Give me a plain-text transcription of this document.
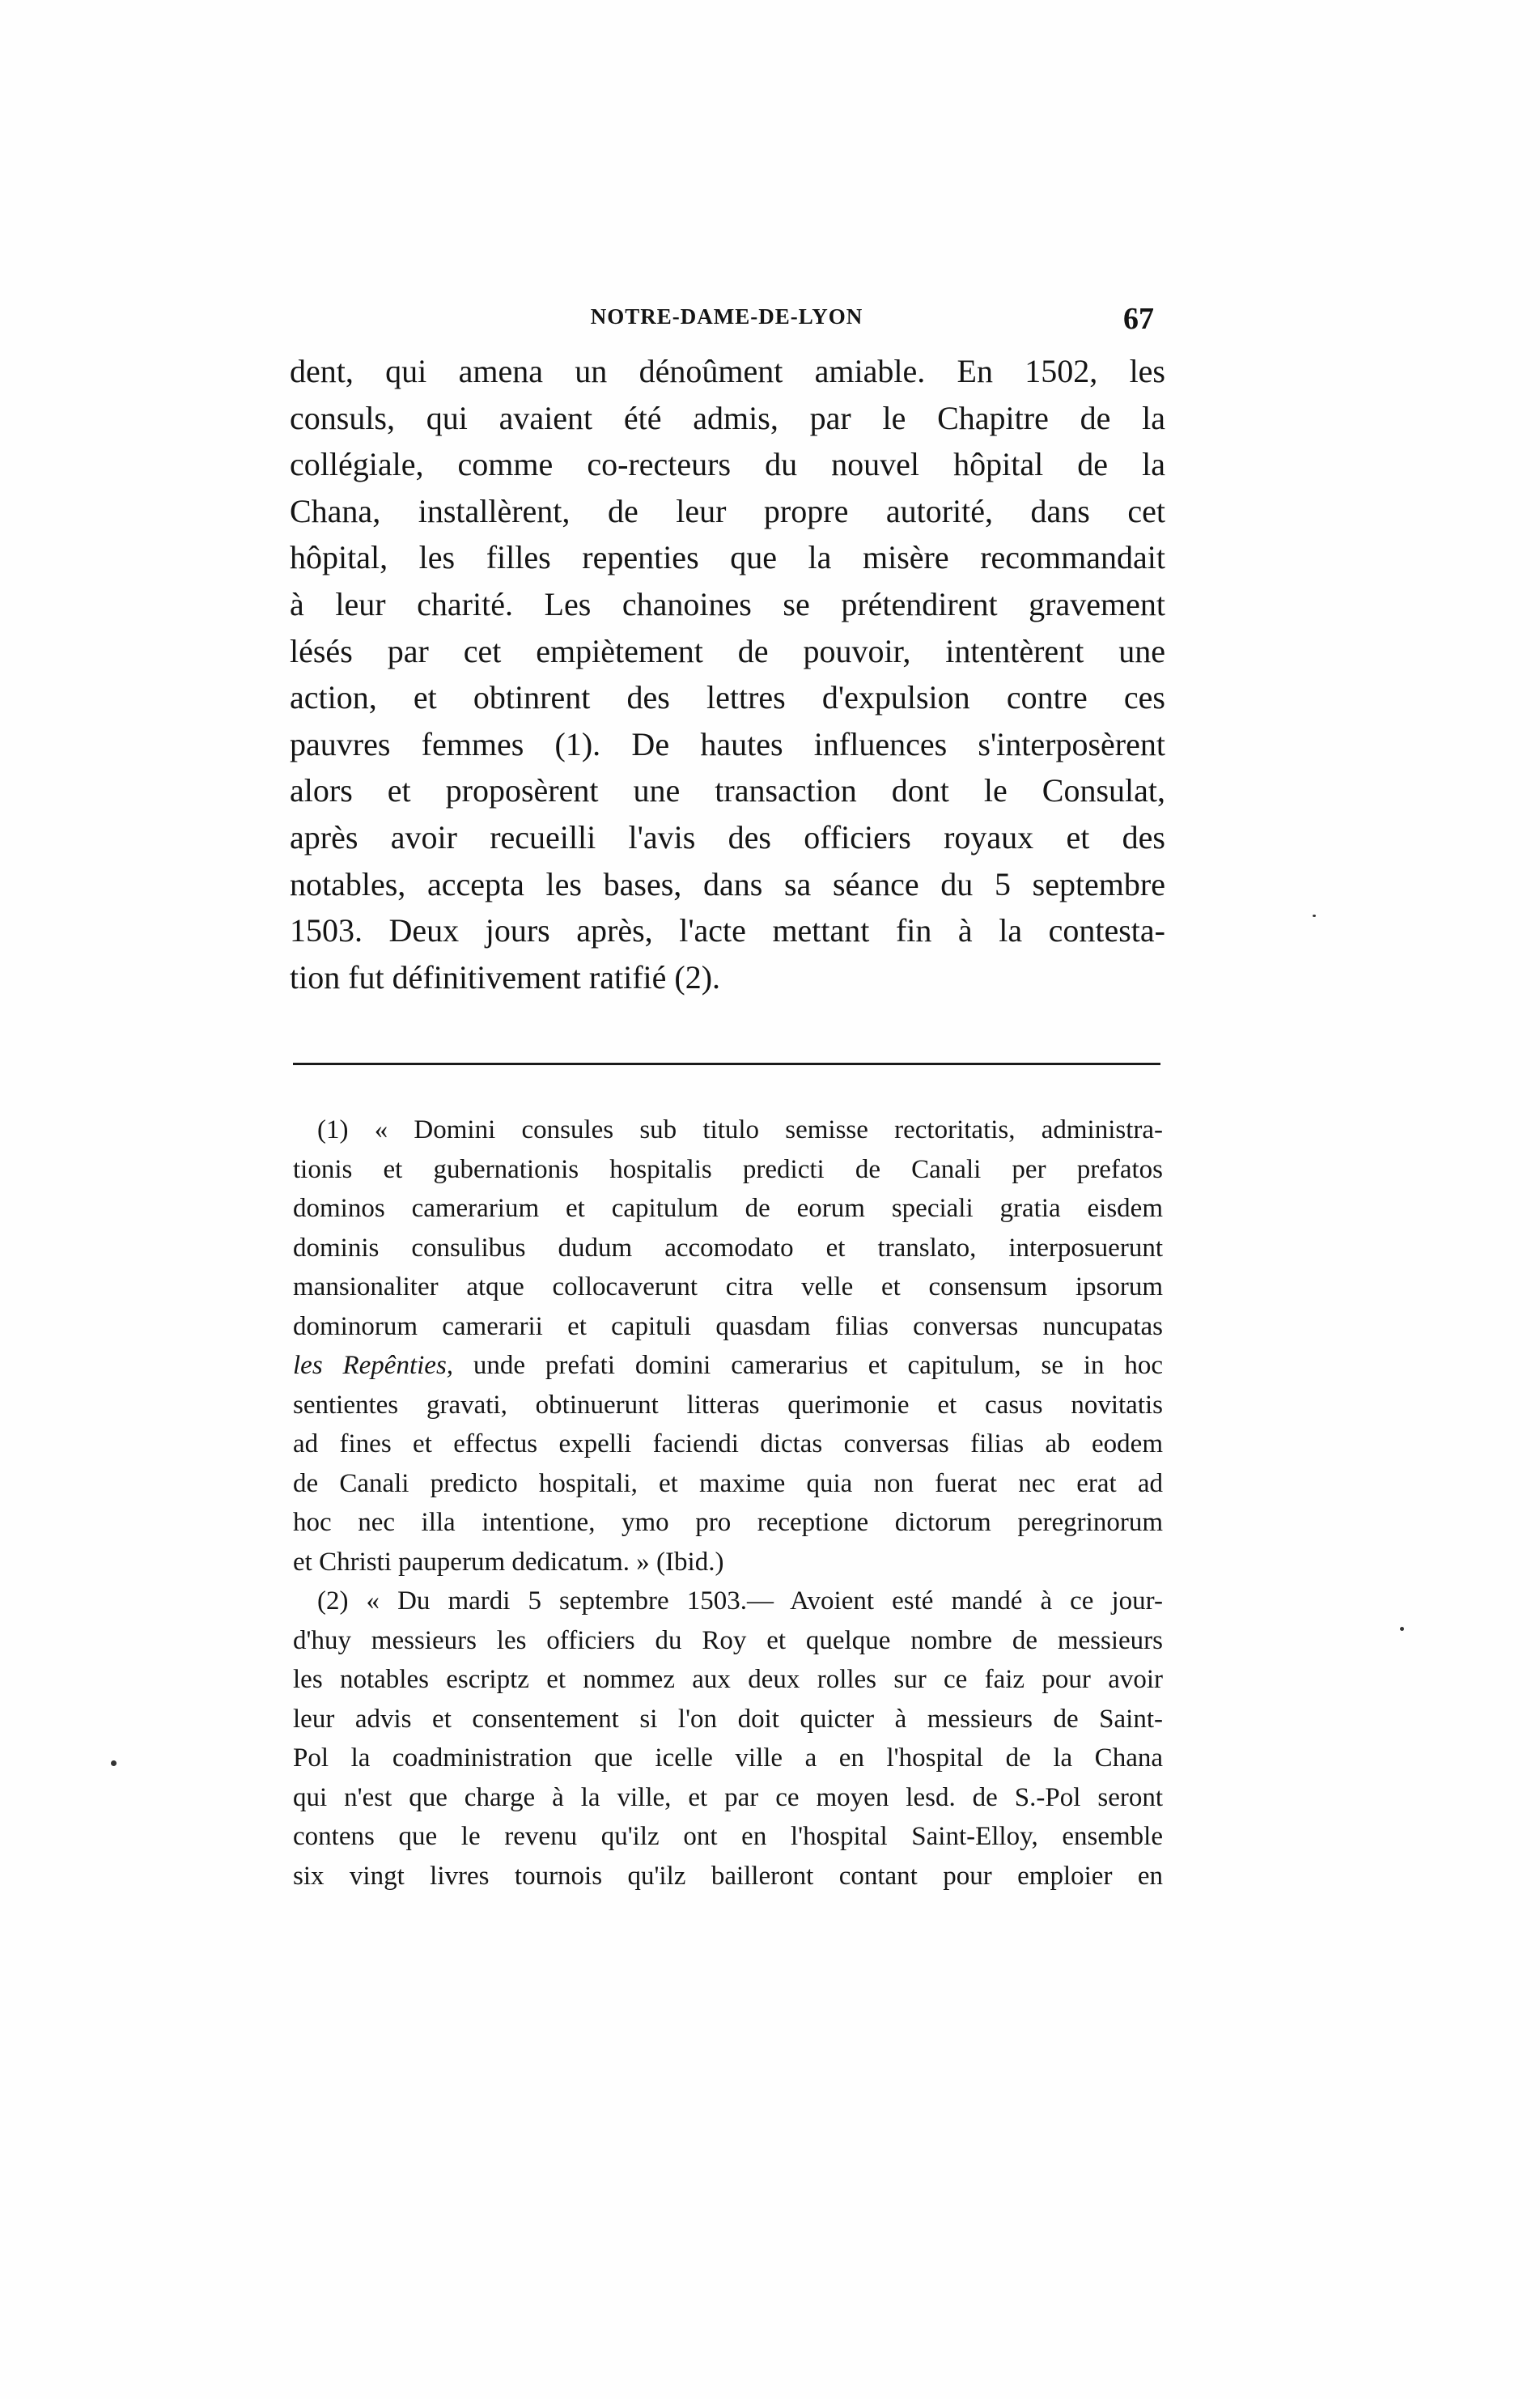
NOTRE-DAME-DE-LYON	67
dent, qui amena un dénoûment amiable. En 1502, les
consuls, qui avaient été admis, par le Chapitre de la
collégiale, comme co-recteurs du nouvel hôpital de la
Chana, installèrent, de leur propre autorité, dans cet
hôpital, les filles repenties que la misère recommandait
à leur charité. Les chanoines se prétendirent gravement
lésés par cet empiètement de pouvoir, intentèrent une
action, et obtinrent des lettres d'expulsion contre ces
pauvres femmes (1). De hautes influences s'interposèrent
alors et proposèrent une transaction dont le Consulat,
après avoir recueilli l'avis des officiers royaux et des
notables, accepta les bases, dans sa séance du 5 septembre
1503. Deux jours après, l'acte mettant fin à la contesta-
tion fut définitivement ratifié (2).
(1) « Domini consules sub titulo semisse rectoritatis, administra-
tionis et gubernationis hospitalis predicti de Canali per prefatos
dominos camerarium et capitulum de eorum speciali gratia eisdem
dominis consulibus dudum accomodato et translato, interposuerunt
mansionaliter atque collocaverunt citra velle et consensum ipsorum
dominorum camerarii et capituli quasdam filias conversas nuncupatas
les Repênties, unde prefati domini camerarius et capitulum, se in hoc
sentientes gravati, obtinuerunt litteras querimonie et casus novitatis
ad fines et effectus expelli faciendi dictas conversas filias ab eodem
de Canali predicto hospitali, et maxime quia non fuerat nec erat ad
hoc nec illa intentione, ymo pro receptione dictorum peregrinorum
et Christi pauperum dedicatum. » (Ibid.)
(2) « Du mardi 5 septembre 1503.— Avoient esté mandé à ce jour-
d'huy messieurs les officiers du Roy et quelque nombre de messieurs
les notables escriptz et nommez aux deux rolles sur ce faiz pour avoir
leur advis et consentement si l'on doit quicter à messieurs de Saint-
Pol la coadministration que icelle ville a en l'hospital de la Chana
qui n'est que charge à la ville, et par ce moyen lesd. de S.-Pol seront
contens que le revenu qu'ilz ont en l'hospital Saint-Elloy, ensemble
six vingt livres tournois qu'ilz bailleront contant pour emploier en
